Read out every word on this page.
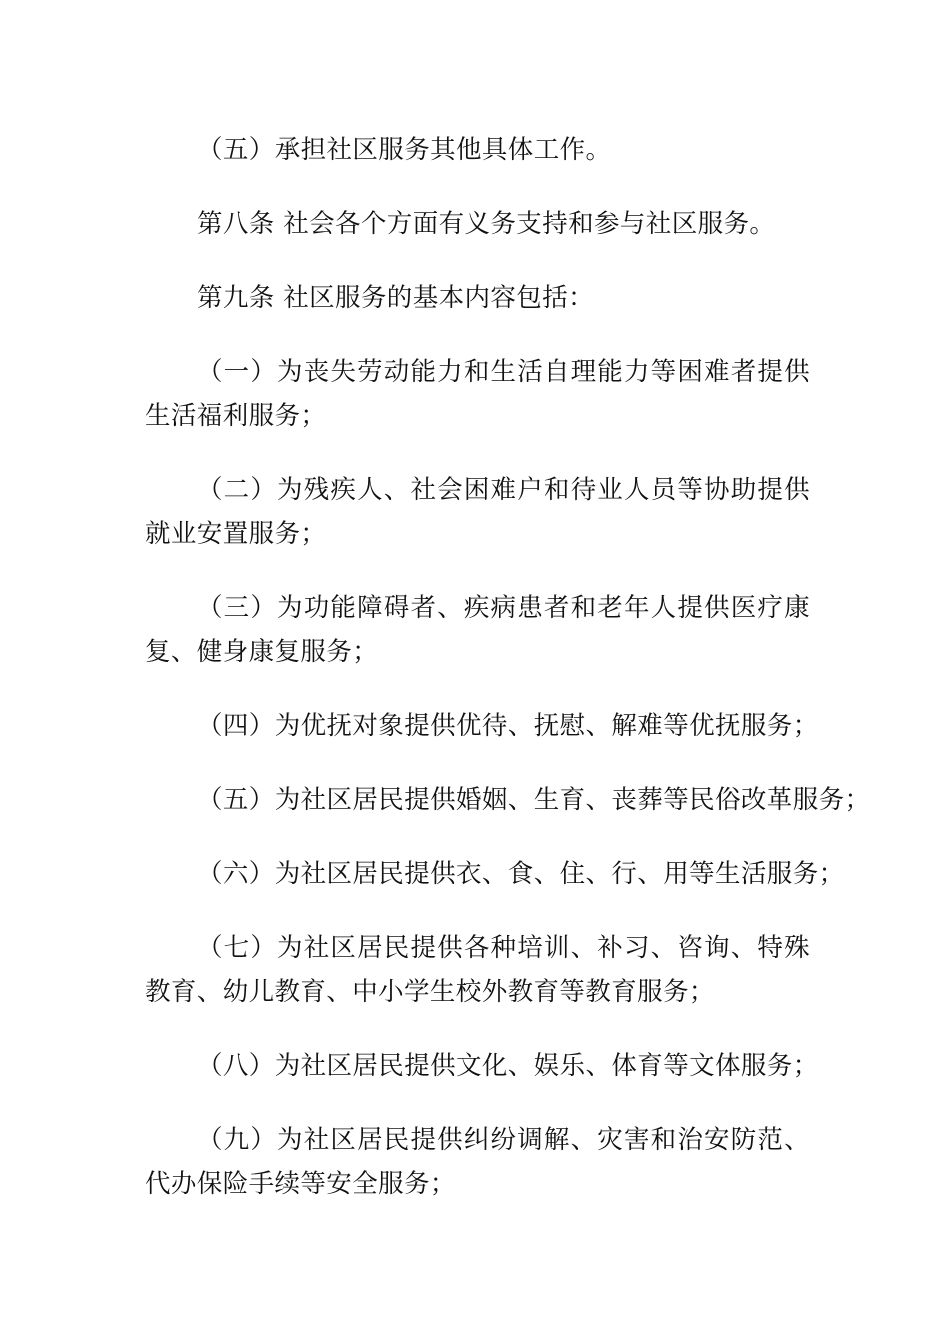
（五）承担社区服务其他具体工作。

第八条 社会各个方面有义务支持和参与社区服务。

第九条 社区服务的基本内容包括：

（一）为丧失劳动能力和生活自理能力等困难者提供生活福利服务；

（二）为残疾人、社会困难户和待业人员等协助提供就业安置服务；

（三）为功能障碍者、疾病患者和老年人提供医疗康复、健身康复服务；

（四）为优抚对象提供优待、抚慰、解难等优抚服务；

（五）为社区居民提供婚姻、生育、丧葬等民俗改革服务；

（六）为社区居民提供衣、食、住、行、用等生活服务；

（七）为社区居民提供各种培训、补习、咨询、特殊教育、幼儿教育、中小学生校外教育等教育服务；

（八）为社区居民提供文化、娱乐、体育等文体服务；

（九）为社区居民提供纠纷调解、灾害和治安防范、代办保险手续等安全服务；
